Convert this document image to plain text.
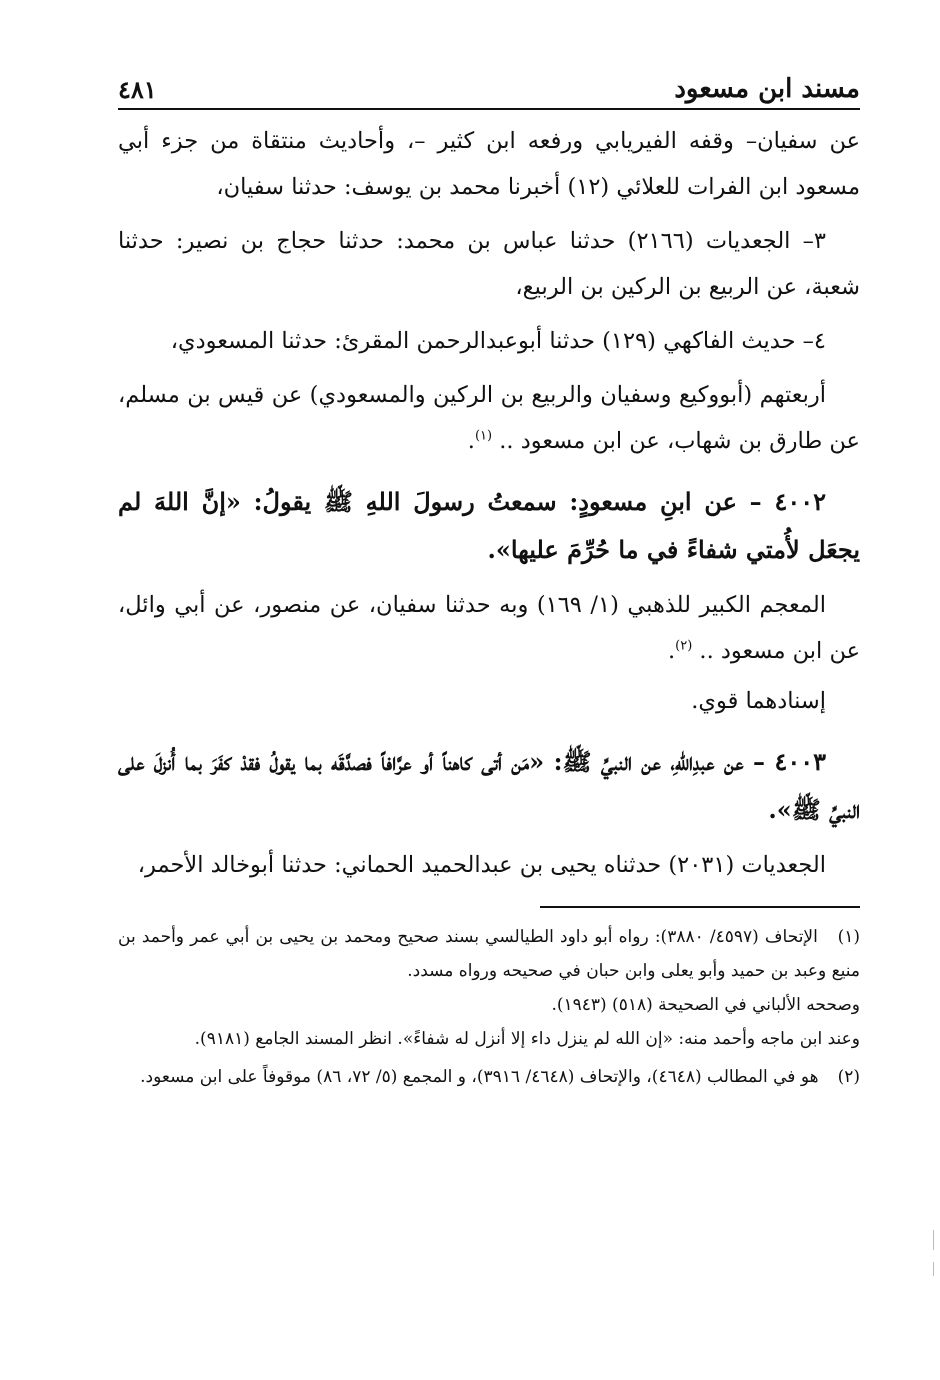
مسند ابن مسعود
٤٨١

عن سفيان– وقفه الفيريابي ورفعه ابن كثير –، وأحاديث منتقاة من جزء أبي مسعود ابن الفرات للعلائي (١٢) أخبرنا محمد بن يوسف: حدثنا سفيان،

٣– الجعديات (٢١٦٦) حدثنا عباس بن محمد: حدثنا حجاج بن نصير: حدثنا شعبة، عن الربيع بن الركين بن الربيع،

٤– حديث الفاكهي (١٢٩) حدثنا أبوعبدالرحمن المقرئ: حدثنا المسعودي،

أربعتهم (أبووكيع وسفيان والربيع بن الركين والمسعودي) عن قيس بن مسلم، عن طارق بن شهاب، عن ابن مسعود .. $^{(١)}$.

٤٠٠٢ – عن ابنِ مسعودٍ: سمعتُ رسولَ اللهِ ﷺ يقولُ: «إنَّ اللهَ لم يجعَل لأُمتي شفاءً في ما حُرِّمَ عليها».

المعجم الكبير للذهبي (١/ ١٦٩) وبه حدثنا سفيان، عن منصور، عن أبي وائل، عن ابن مسعود .. $^{(٢)}$.

إسنادهما قوي.

٤٠٠٣ – عن عبدِاللهِ، عن النبيِّ ﷺ: «مَن أتى كاهناً أو عرَّافاً فصدَّقَه بما يقولُ فقدْ كفَرَ بما أُنزلَ على النبيِّ ﷺ».

الجعديات (٢٠٣١) حدثناه يحيى بن عبدالحميد الحماني: حدثنا أبوخالد الأحمر،

(١) الإتحاف (٤٥٩٧/ ٣٨٨٠): رواه أبو داود الطيالسي بسند صحيح ومحمد بن يحيى بن أبي عمر وأحمد بن منيع وعبد بن حميد وأبو يعلى وابن حبان في صحيحه ورواه مسدد.

وصححه الألباني في الصحيحة (٥١٨) (١٩٤٣).

وعند ابن ماجه وأحمد منه: «إن الله لم ينزل داء إلا أنزل له شفاءً». انظر المسند الجامع (٩١٨١).

(٢) هو في المطالب (٤٦٤٨)، والإتحاف (٤٦٤٨/ ٣٩١٦)، و المجمع (٥/ ٧٢، ٨٦) موقوفاً على ابن مسعود.
